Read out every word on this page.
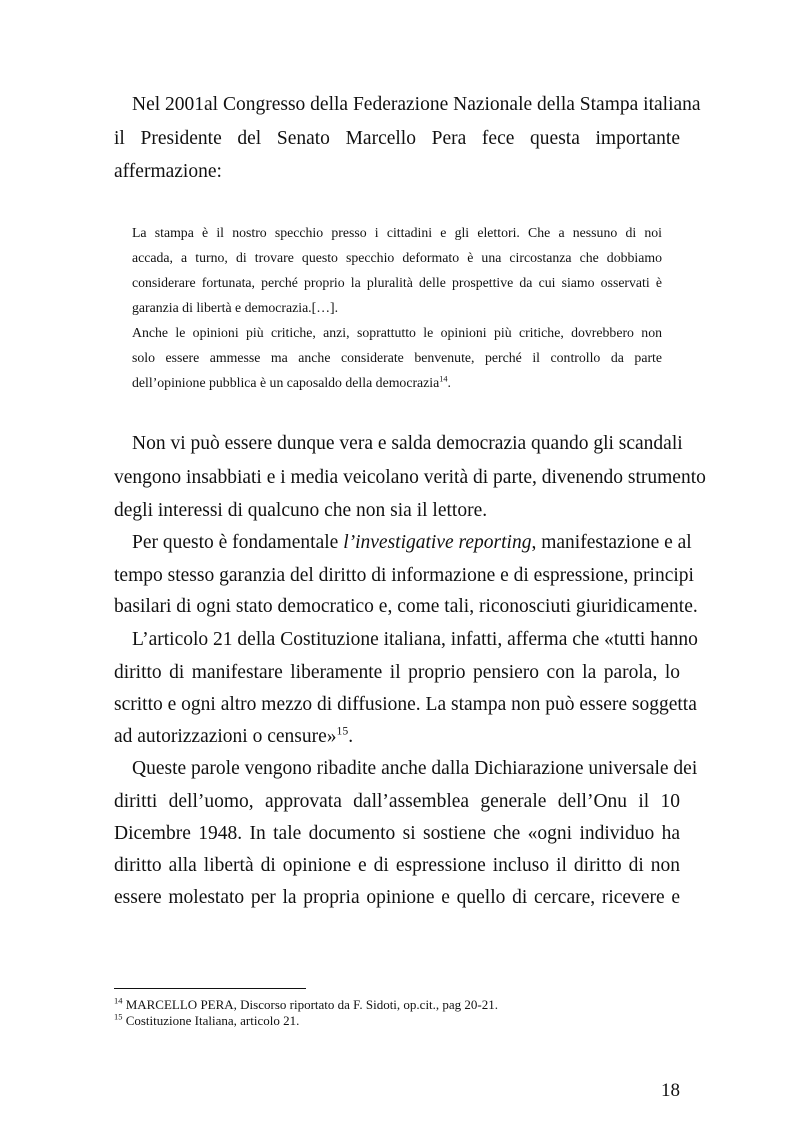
Nel 2001al Congresso della Federazione Nazionale della Stampa italiana
il Presidente del Senato Marcello Pera fece questa importante
affermazione:
La stampa è il nostro specchio presso i cittadini e gli elettori. Che a nessuno di noi
accada, a turno, di trovare questo specchio deformato è una circostanza che dobbiamo
considerare fortunata, perché proprio la pluralità delle prospettive da cui siamo osservati è
garanzia di libertà e democrazia.[…].
Anche le opinioni più critiche, anzi, soprattutto le opinioni più critiche, dovrebbero non
solo essere ammesse ma anche considerate benvenute, perché il controllo da parte
dell’opinione pubblica è un caposaldo della democrazia$^{14}$.
Non vi può essere dunque vera e salda democrazia quando gli scandali
vengono insabbiati e i media veicolano verità di parte, divenendo strumento
degli interessi di qualcuno che non sia il lettore.
Per questo è fondamentale l’investigative reporting, manifestazione e al
tempo stesso garanzia del diritto di informazione e di espressione, principi
basilari di ogni stato democratico e, come tali, riconosciuti giuridicamente.
L’articolo 21 della Costituzione italiana, infatti, afferma che «tutti hanno
diritto di manifestare liberamente il proprio pensiero con la parola, lo
scritto e ogni altro mezzo di diffusione. La stampa non può essere soggetta
ad autorizzazioni o censure»$^{15}$.
Queste parole vengono ribadite anche dalla Dichiarazione universale dei
diritti dell’uomo, approvata dall’assemblea generale dell’Onu il 10
Dicembre 1948. In tale documento si sostiene che «ogni individuo ha
diritto alla libertà di opinione e di espressione incluso il diritto di non
essere molestato per la propria opinione e quello di cercare, ricevere e
$^{14}$ MARCELLO PERA, Discorso riportato da F. Sidoti, op.cit., pag 20-21.
$^{15}$ Costituzione Italiana, articolo 21.
18
